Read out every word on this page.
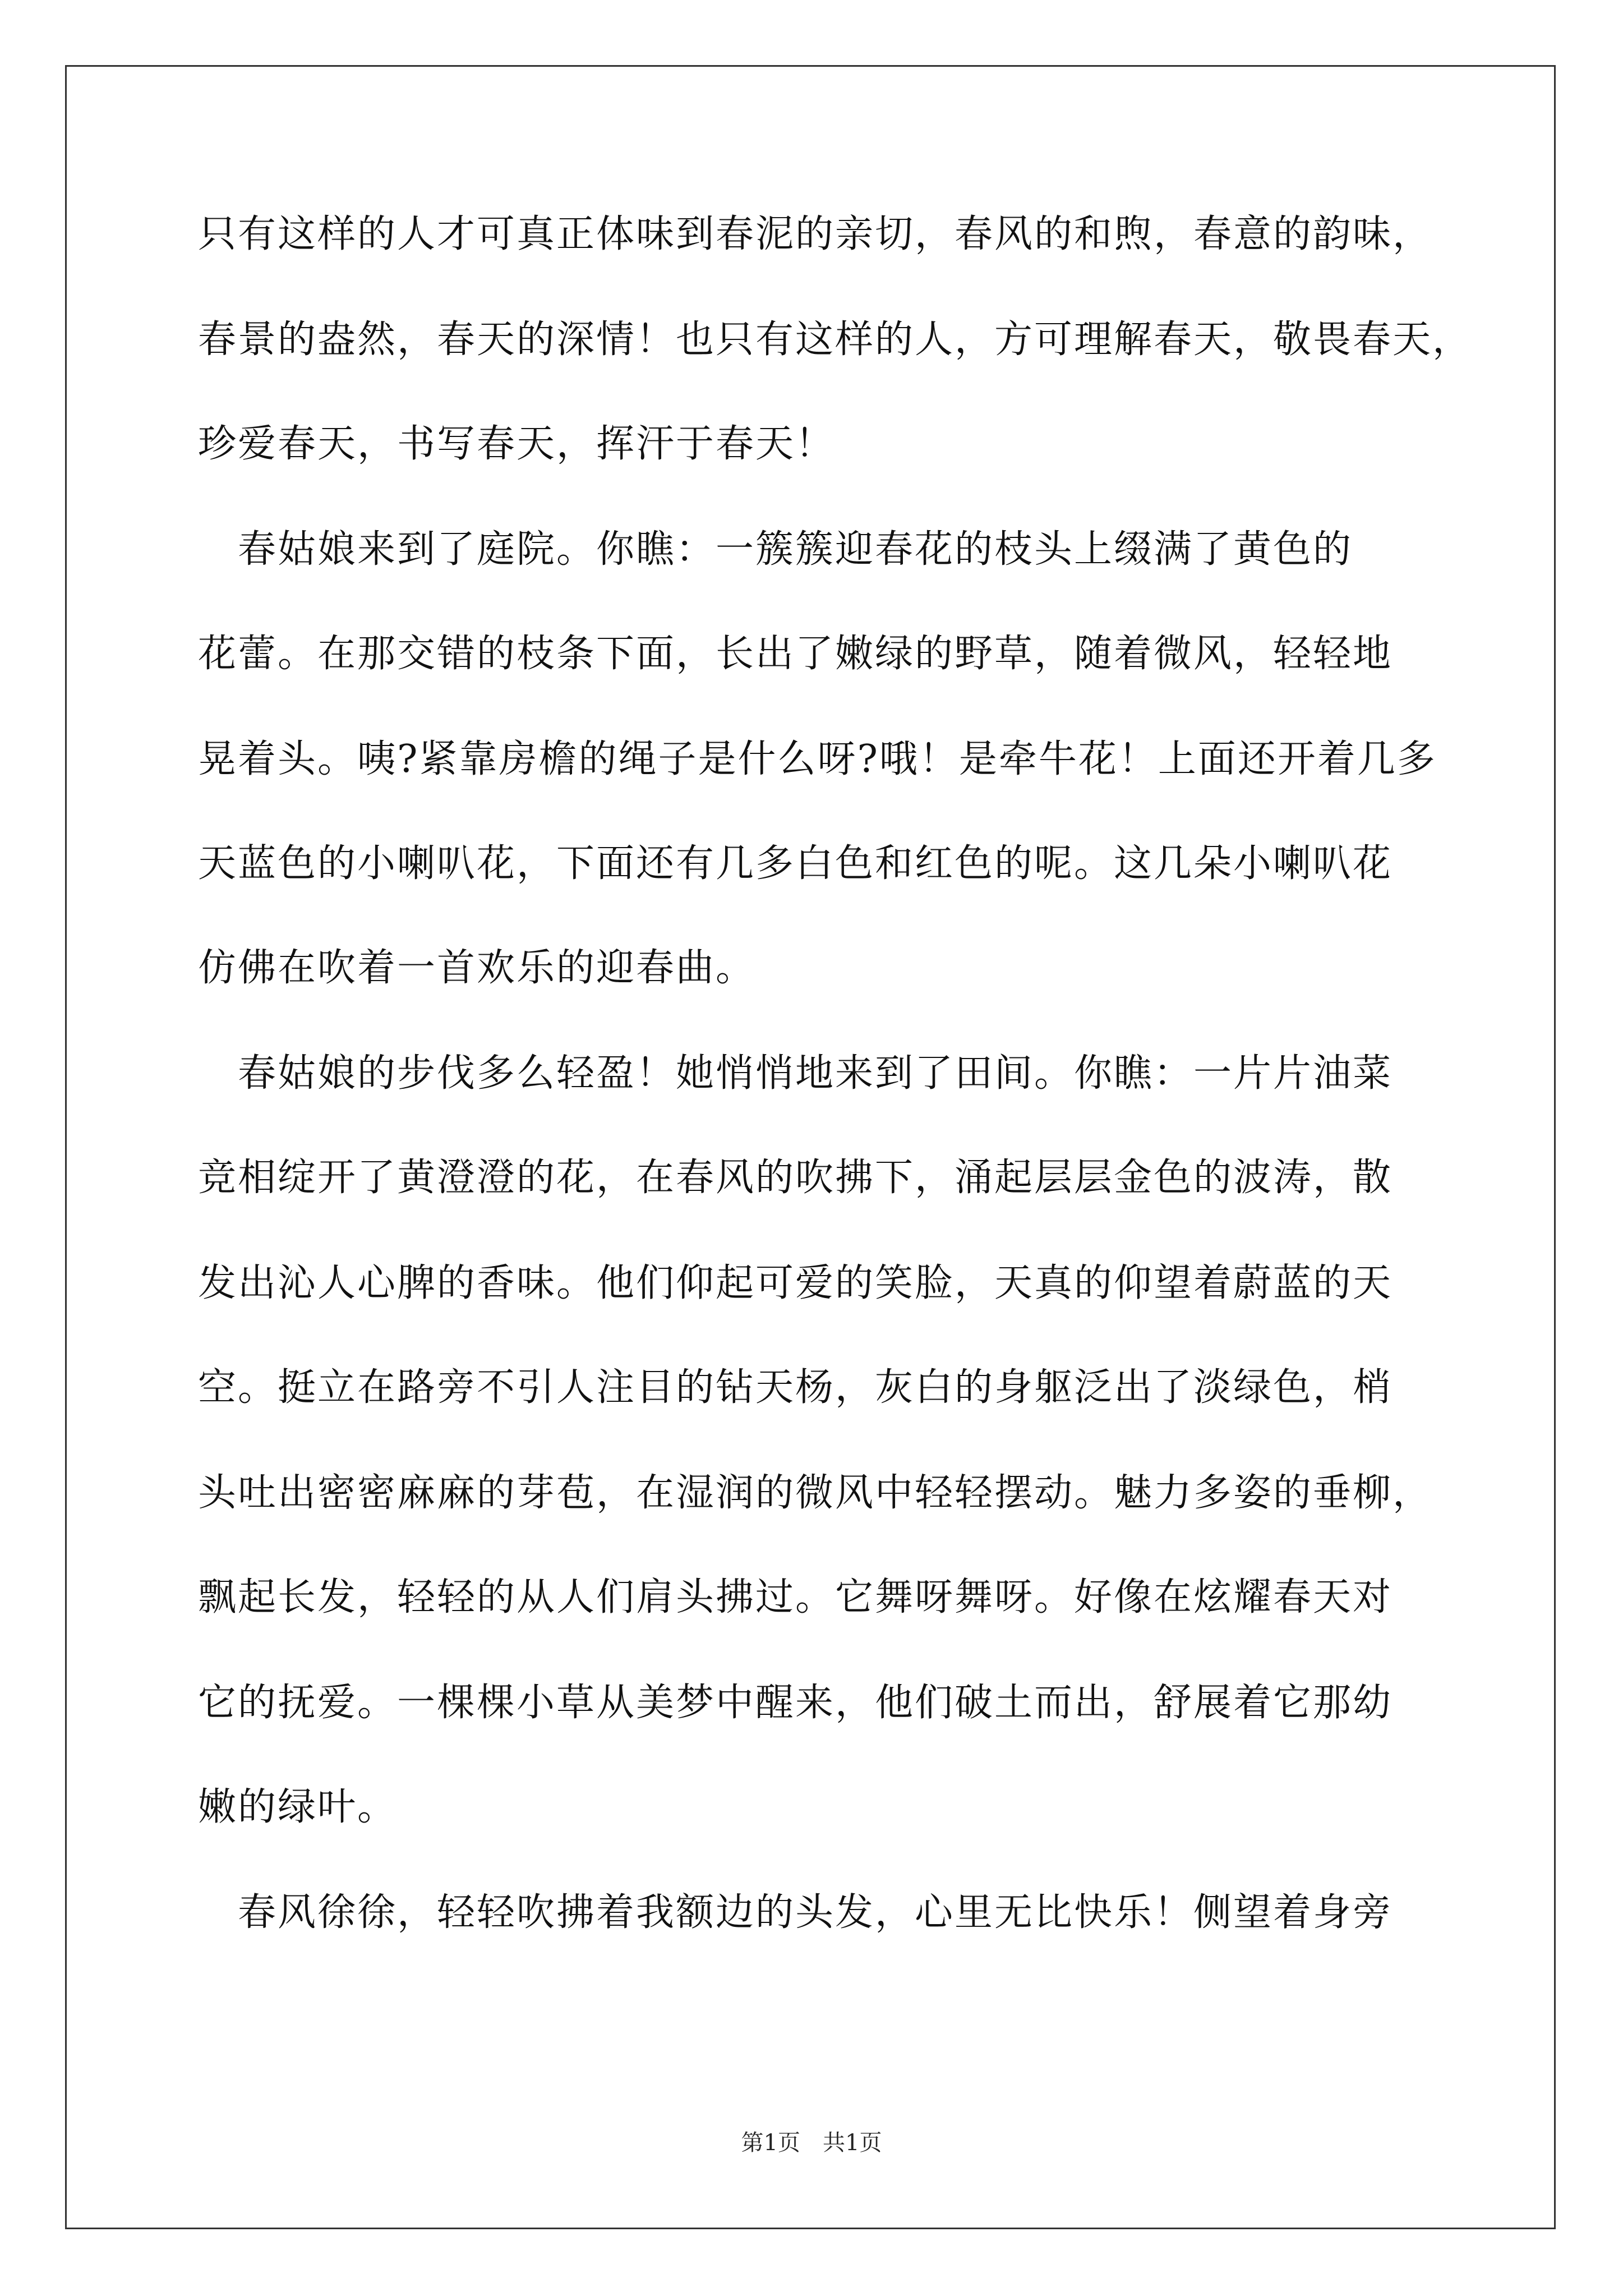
只有这样的人才可真正体味到春泥的亲切，春风的和煦，春意的韵味，
春景的盎然，春天的深情！也只有这样的人，方可理解春天，敬畏春天，
珍爱春天，书写春天，挥汗于春天！
　春姑娘来到了庭院。你瞧：一簇簇迎春花的枝头上缀满了黄色的
花蕾。在那交错的枝条下面，长出了嫩绿的野草，随着微风，轻轻地
晃着头。咦?紧靠房檐的绳子是什么呀?哦！是牵牛花！上面还开着几多
天蓝色的小喇叭花，下面还有几多白色和红色的呢。这几朵小喇叭花
仿佛在吹着一首欢乐的迎春曲。
　春姑娘的步伐多么轻盈！她悄悄地来到了田间。你瞧：一片片油菜
竞相绽开了黄澄澄的花，在春风的吹拂下，涌起层层金色的波涛，散
发出沁人心脾的香味。他们仰起可爱的笑脸，天真的仰望着蔚蓝的天
空。挺立在路旁不引人注目的钻天杨，灰白的身躯泛出了淡绿色，梢
头吐出密密麻麻的芽苞，在湿润的微风中轻轻摆动。魅力多姿的垂柳，
飘起长发，轻轻的从人们肩头拂过。它舞呀舞呀。好像在炫耀春天对
它的抚爱。一棵棵小草从美梦中醒来，他们破土而出，舒展着它那幼
嫩的绿叶。
　春风徐徐，轻轻吹拂着我额边的头发，心里无比快乐！侧望着身旁
第1页　共1页
